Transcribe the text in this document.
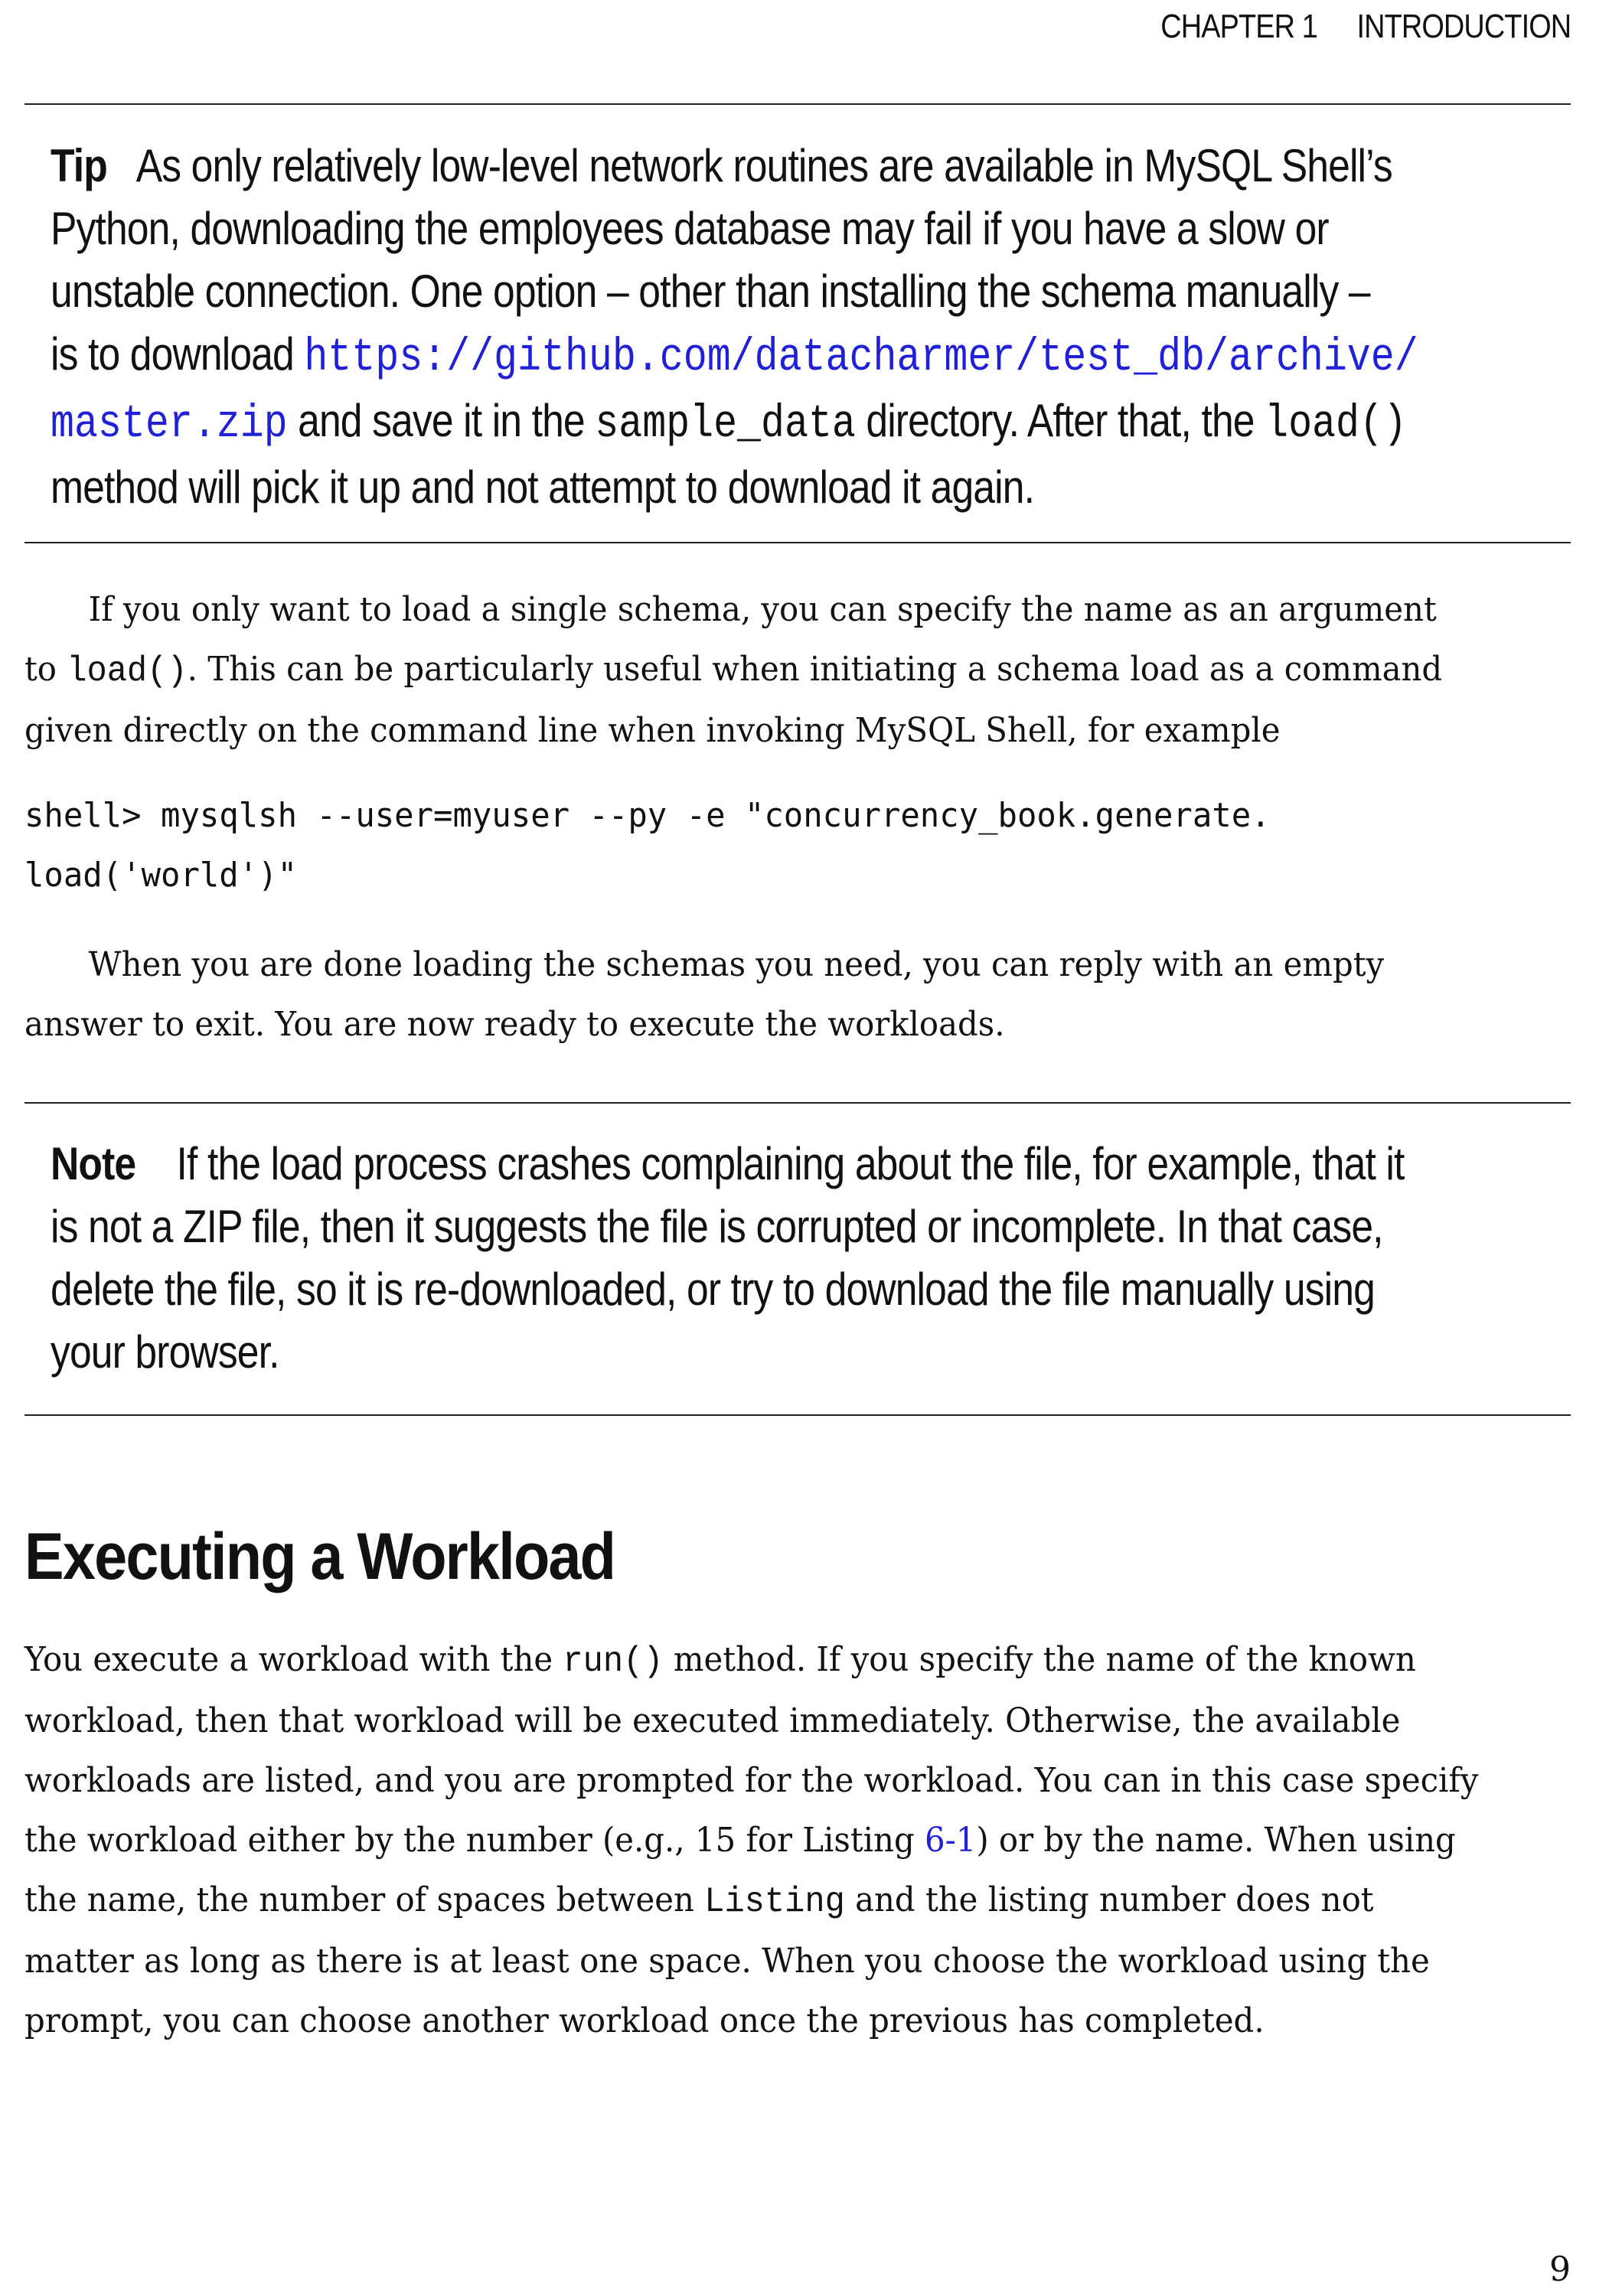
CHAPTER 1 INTRODUCTION
Tip As only relatively low-level network routines are available in MySQL Shell’s
Python, downloading the employees database may fail if you have a slow or
unstable connection. One option – other than installing the schema manually –
is to download https://github.com/datacharmer/test_db/archive/
master.zip and save it in the sample_data directory. After that, the load()
method will pick it up and not attempt to download it again.
If you only want to load a single schema, you can specify the name as an argument
to load(). This can be particularly useful when initiating a schema load as a command
given directly on the command line when invoking MySQL Shell, for example
shell> mysqlsh --user=myuser --py -e "concurrency_book.generate.
load('world')"
When you are done loading the schemas you need, you can reply with an empty
answer to exit. You are now ready to execute the workloads.
Note If the load process crashes complaining about the file, for example, that it
is not a ZIP file, then it suggests the file is corrupted or incomplete. In that case,
delete the file, so it is re-downloaded, or try to download the file manually using
your browser.
Executing a Workload
You execute a workload with the run() method. If you specify the name of the known
workload, then that workload will be executed immediately. Otherwise, the available
workloads are listed, and you are prompted for the workload. You can in this case specify
the workload either by the number (e.g., 15 for Listing 6-1) or by the name. When using
the name, the number of spaces between Listing and the listing number does not
matter as long as there is at least one space. When you choose the workload using the
prompt, you can choose another workload once the previous has completed.
9
